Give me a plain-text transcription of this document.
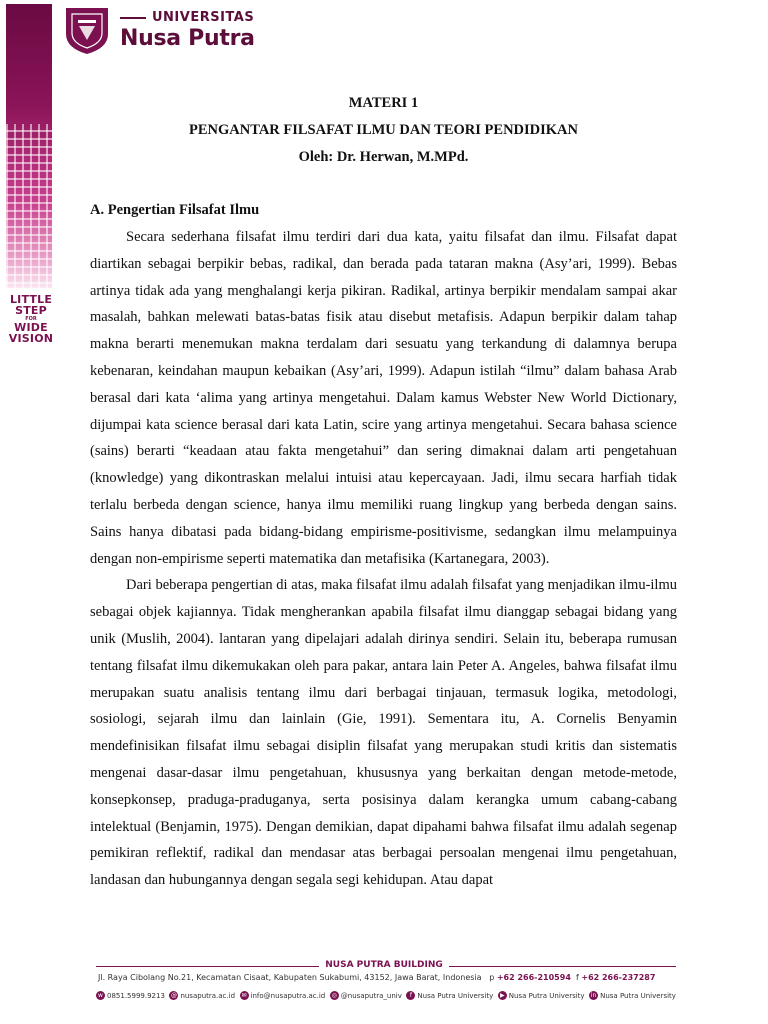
LITTLE
STEP
FOR
WIDE
VISION
UNIVERSITAS
Nusa Putra

MATERI 1

PENGANTAR FILSAFAT ILMU DAN TEORI PENDIDIKAN

Oleh: Dr. Herwan, M.MPd.

A. Pengertian Filsafat Ilmu

Secara sederhana filsafat ilmu terdiri dari dua kata, yaitu filsafat dan ilmu. Filsafat dapat diartikan sebagai berpikir bebas, radikal, dan berada pada tataran makna (Asy’ari, 1999). Bebas artinya tidak ada yang menghalangi kerja pikiran. Radikal, artinya berpikir mendalam sampai akar masalah, bahkan melewati batas-batas fisik atau disebut metafisis. Adapun berpikir dalam tahap makna berarti menemukan makna terdalam dari sesuatu yang terkandung di dalamnya berupa kebenaran, keindahan maupun kebaikan (Asy’ari, 1999). Adapun istilah “ilmu” dalam bahasa Arab berasal dari kata ‘alima yang artinya mengetahui. Dalam kamus Webster New World Dictionary, dijumpai kata science berasal dari kata Latin, scire yang artinya mengetahui. Secara bahasa science (sains) berarti “keadaan atau fakta mengetahui” dan sering dimaknai dalam arti pengetahuan (knowledge) yang dikontraskan melalui intuisi atau kepercayaan. Jadi, ilmu secara harfiah tidak terlalu berbeda dengan science, hanya ilmu memiliki ruang lingkup yang berbeda dengan sains. Sains hanya dibatasi pada bidang-bidang empirisme-positivisme, sedangkan ilmu melampuinya dengan non-empirisme seperti matematika dan metafisika (Kartanegara, 2003).

Dari beberapa pengertian di atas, maka filsafat ilmu adalah filsafat yang menjadikan ilmu-ilmu sebagai objek kajiannya. Tidak mengherankan apabila filsafat ilmu dianggap sebagai bidang yang unik (Muslih, 2004). lantaran yang dipelajari adalah dirinya sendiri. Selain itu, beberapa rumusan tentang filsafat ilmu dikemukakan oleh para pakar, antara lain Peter A. Angeles, bahwa filsafat ilmu merupakan suatu analisis tentang ilmu dari berbagai tinjauan, termasuk logika, metodologi, sosiologi, sejarah ilmu dan lainlain (Gie, 1991). Sementara itu, A. Cornelis Benyamin mendefinisikan filsafat ilmu sebagai disiplin filsafat yang merupakan studi kritis dan sistematis mengenai dasar-dasar ilmu pengetahuan, khususnya yang berkaitan dengan metode-metode, konsepkonsep, praduga-praduganya, serta posisinya dalam kerangka umum cabang-cabang intelektual (Benjamin, 1975). Dengan demikian, dapat dipahami bahwa filsafat ilmu adalah segenap pemikiran reflektif, radikal dan mendasar atas berbagai persoalan mengenai ilmu pengetahuan, landasan dan hubungannya dengan segala segi kehidupan. Atau dapat

NUSA PUTRA BUILDING
Jl. Raya Cibolang No.21, Kecamatan Cisaat, Kabupaten Sukabumi, 43152, Jawa Barat, Indonesia p +62 266-210594 f +62 266-237287
w 0851.5999.9213 @ nusaputra.ac.id	✉ info@nusaputra.ac.id	◎ @nusaputra_univ	f Nusa Putra University	▶ Nusa Putra University in Nusa Putra University
